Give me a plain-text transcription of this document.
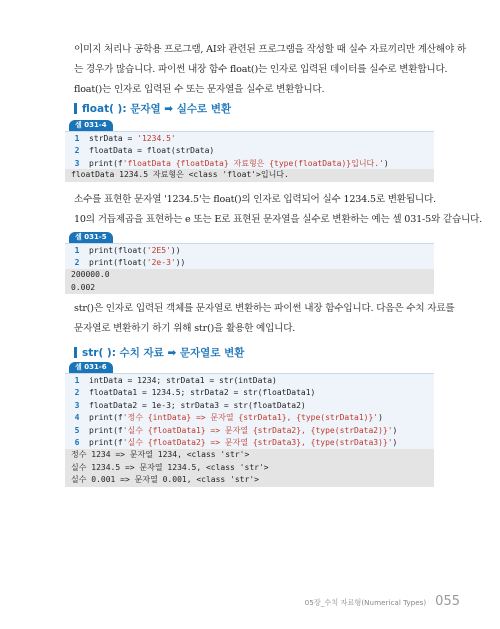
이미지 처리나 공학용 프로그램, AI와 관련된 프로그램을 작성할 때 실수 자료끼리만 계산해야 하
는 경우가 많습니다. 파이썬 내장 함수 float()는 인자로 입력된 데이터를 실수로 변환합니다.
float()는 인자로 입력된 수 또는 문자열을 실수로 변환합니다.
float( ): 문자열 ➡ 실수로 변환
셀 031-4
1	strData = '1234.5'
2	floatData = float(strData)
3	print(f'floatData {floatData} 자료형은 {type(floatData)}입니다.')
floatData 1234.5 자료형은 <class 'float'>입니다.
소수를 표현한 문자열 '1234.5'는 float()의 인자로 입력되어 실수 1234.5로 변환됩니다.
10의 거듭제곱을 표현하는 e 또는 E로 표현된 문자열을 실수로 변환하는 예는 셀 031-5와 같습니다.
셀 031-5
1	print(float('2E5'))
2	print(float('2e-3'))
200000.0
0.002
str()은 인자로 입력된 객체를 문자열로 변환하는 파이썬 내장 함수입니다. 다음은 수치 자료를
문자열로 변환하기 하기 위해 str()을 활용한 예입니다.
str( ): 수치 자료 ➡ 문자열로 변환
셀 031-6
1	intData = 1234; strData1 = str(intData)
2	floatData1 = 1234.5; strData2 = str(floatData1)
3	floatData2 = 1e-3; strData3 = str(floatData2)
4	print(f'정수 {intData} => 문자열 {strData1}, {type(strData1)}')
5	print(f'실수 {floatData1} => 문자열 {strData2}, {type(strData2)}')
6	print(f'실수 {floatData2} => 문자열 {strData3}, {type(strData3)}')
정수 1234 => 문자열 1234, <class 'str'>
실수 1234.5 => 문자열 1234.5, <class 'str'>
실수 0.001 => 문자열 0.001, <class 'str'>
05장_수치 자료형(Numerical Types) 055
